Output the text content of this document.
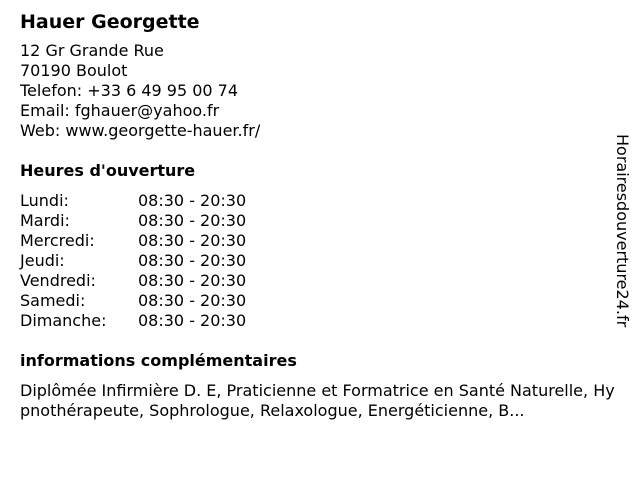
Hauer Georgette
12 Gr Grande Rue
70190 Boulot
Telefon: +33 6 49 95 00 74
Email: fghauer@yahoo.fr
Web: www.georgette-hauer.fr/
Heures d'ouverture
Lundi:	08:30 - 20:30
Mardi:	08:30 - 20:30
Mercredi:	08:30 - 20:30
Jeudi:	08:30 - 20:30
Vendredi:	08:30 - 20:30
Samedi:	08:30 - 20:30
Dimanche:	08:30 - 20:30
informations complémentaires
Diplômée Infirmière D. E, Praticienne et Formatrice en Santé Naturelle, Hypnothérapeute, Sophrologue, Relaxologue, Energéticienne, B...
Horairesdouverture24.fr
